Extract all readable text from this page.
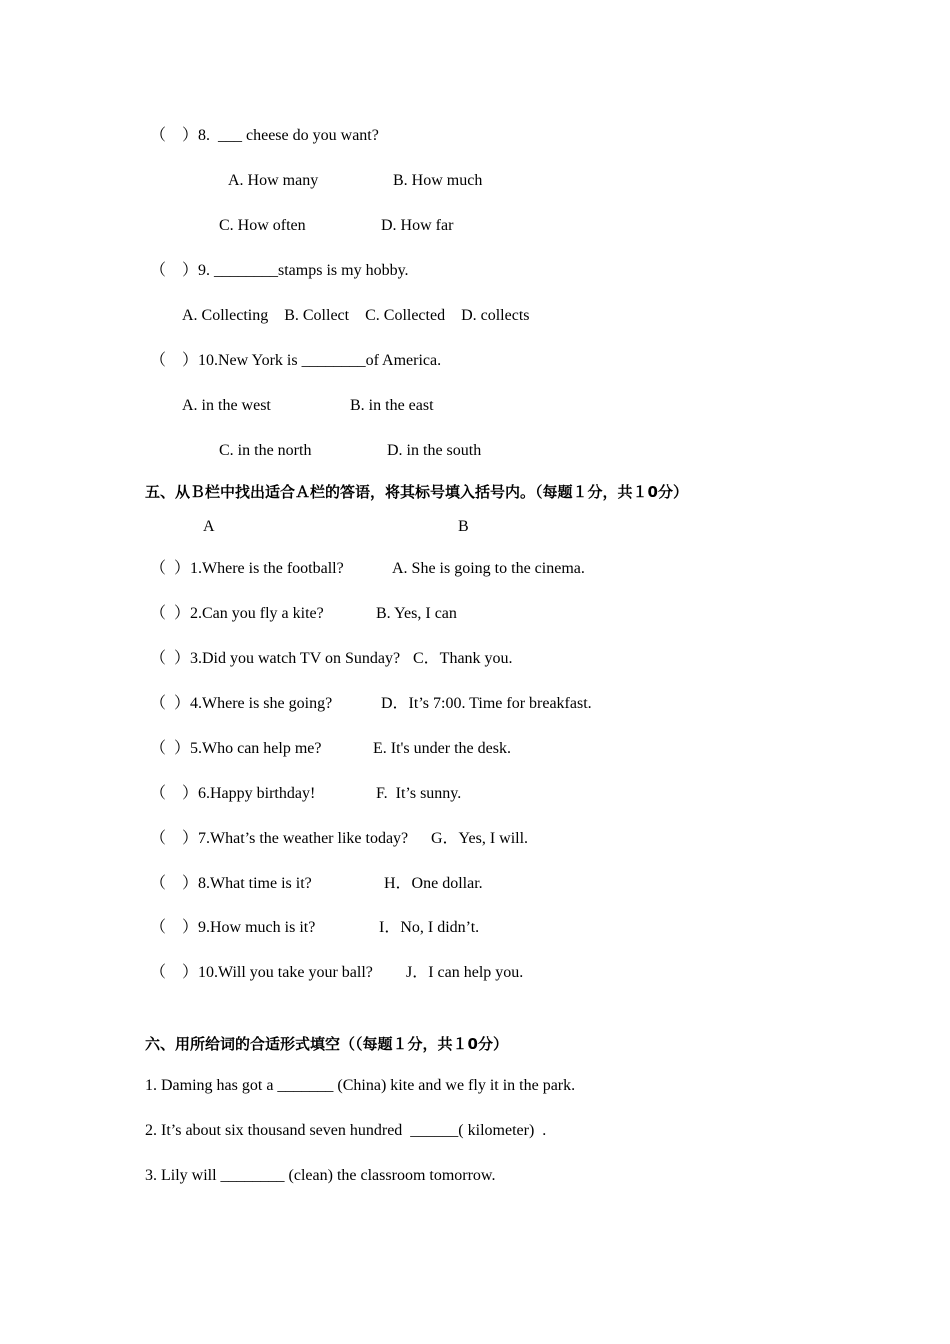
（    ）8.  ___ cheese do you want?
A. How many	B. How much
C. How often	D. How far
（    ）9. ________stamps is my hobby.
A. Collecting    B. Collect    C. Collected    D. collects
（    ）10.New York is ________of America.
A. in the west	B. in the east
C. in the north	D. in the south
五、从Ｂ栏中找出适合Ａ栏的答语，将其标号填入括号内。（每题１分，共１0分）
A	B
（  ）1.Where is the football?	A. She is going to the cinema.
（  ）2.Can you fly a kite?	B. Yes, I can
（  ）3.Did you watch TV on Sunday? C．Thank you.
（  ）4.Where is she going?	D．It’s 7:00. Time for breakfast.
（  ）5.Who can help me?	E. It's under the desk.
（    ）6.Happy birthday!	F.  It’s sunny.
（    ）7.What’s the weather like today? G．Yes, I will.
（    ）8.What time is it?	H．One dollar.
（    ）9.How much is it?	I．No, I didn’t.
（    ）10.Will you take your ball? J．I can help you.
六、用所给词的合适形式填空（（每题１分，共１0分）
1. Daming has got a _______ (China) kite and we fly it in the park.
2. It’s about six thousand seven hundred  ______( kilometer)  .
3. Lily will ________ (clean) the classroom tomorrow.
